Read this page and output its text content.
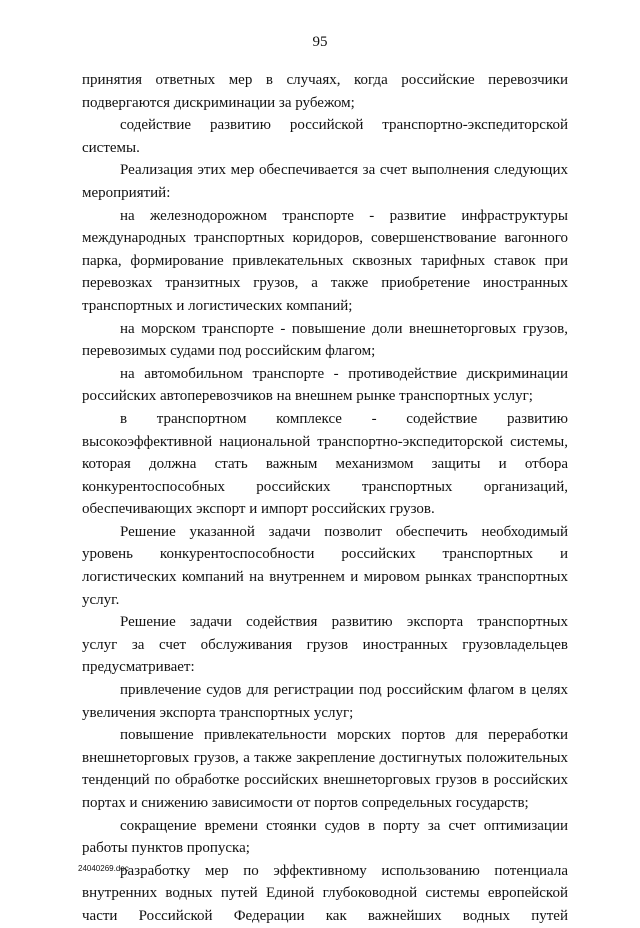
95
принятия ответных мер в случаях, когда российские перевозчики
подвергаются дискриминации за рубежом;
содействие развитию российской транспортно-экспедиторской
системы.
Реализация этих мер обеспечивается за счет выполнения следующих
мероприятий:
на железнодорожном транспорте - развитие инфраструктуры
международных транспортных коридоров, совершенствование вагонного
парка, формирование привлекательных сквозных тарифных ставок при
перевозках транзитных грузов, а также приобретение иностранных
транспортных и логистических компаний;
на морском транспорте - повышение доли внешнеторговых грузов,
перевозимых судами под российским флагом;
на автомобильном транспорте - противодействие дискриминации
российских автоперевозчиков на внешнем рынке транспортных услуг;
в транспортном комплексе - содействие развитию
высокоэффективной национальной транспортно-экспедиторской системы,
которая должна стать важным механизмом защиты и отбора
конкурентоспособных российских транспортных организаций,
обеспечивающих экспорт и импорт российских грузов.
Решение указанной задачи позволит обеспечить необходимый
уровень конкурентоспособности российских транспортных и
логистических компаний на внутреннем и мировом рынках транспортных
услуг.
Решение задачи содействия развитию экспорта транспортных
услуг за счет обслуживания грузов иностранных грузовладельцев
предусматривает:
привлечение судов для регистрации под российским флагом в целях
увеличения экспорта транспортных услуг;
повышение привлекательности морских портов для переработки
внешнеторговых грузов, а также закрепление достигнутых положительных
тенденций по обработке российских внешнеторговых грузов в российских
портах и снижению зависимости от портов сопредельных государств;
сокращение времени стоянки судов в порту за счет оптимизации
работы пунктов пропуска;
разработку мер по эффективному использованию потенциала
внутренних водных путей Единой глубоководной системы европейской
части Российской Федерации как важнейших водных путей
24040269.doc
